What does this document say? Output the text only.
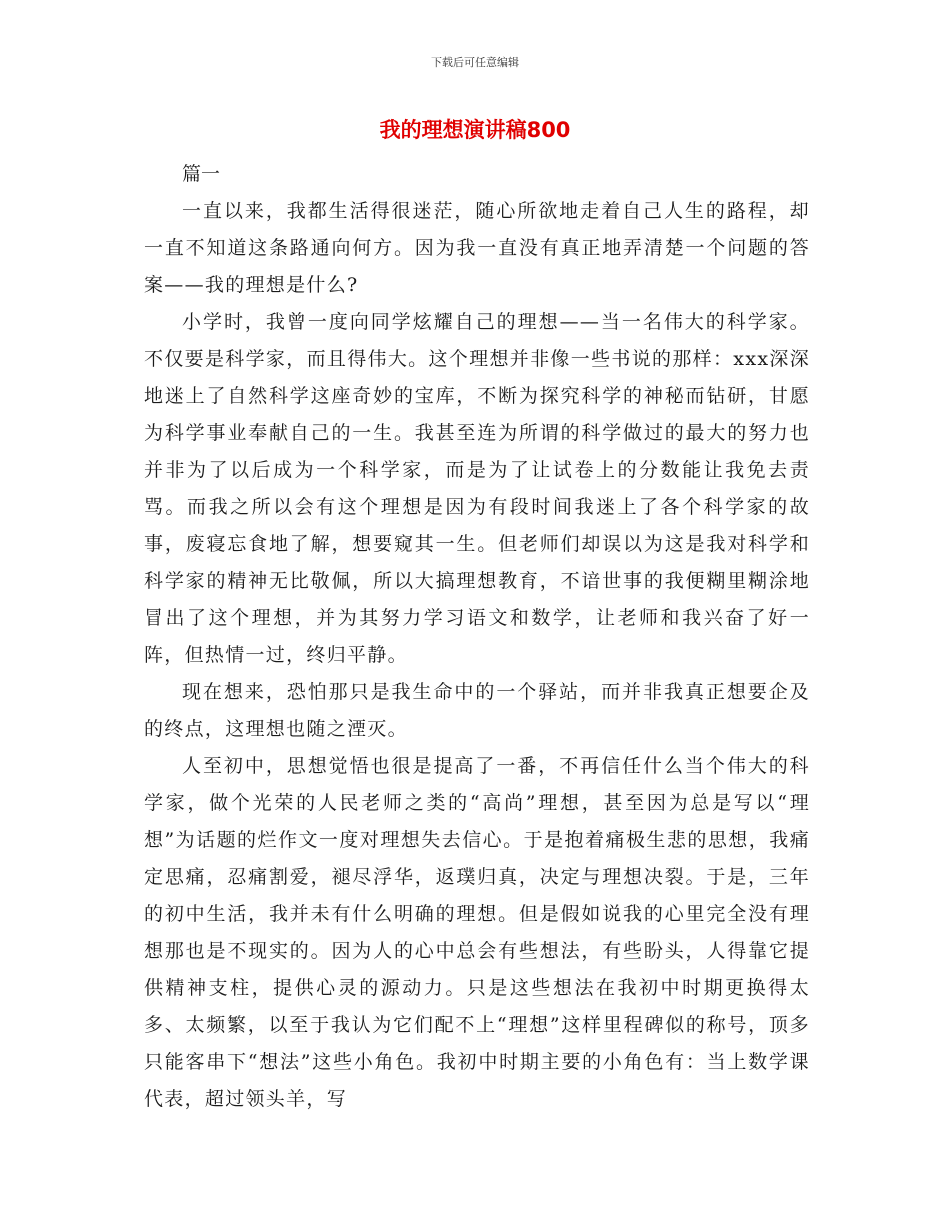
下载后可任意编辑
我的理想演讲稿800

篇一

一直以来，我都生活得很迷茫，随心所欲地走着自己人生的路程，却一直不知道这条路通向何方。因为我一直没有真正地弄清楚一个问题的答案——我的理想是什么?

小学时，我曾一度向同学炫耀自己的理想——当一名伟大的科学家。不仅要是科学家，而且得伟大。这个理想并非像一些书说的那样：xxx深深地迷上了自然科学这座奇妙的宝库，不断为探究科学的神秘而钻研，甘愿为科学事业奉献自己的一生。我甚至连为所谓的科学做过的最大的努力也并非为了以后成为一个科学家，而是为了让试卷上的分数能让我免去责骂。而我之所以会有这个理想是因为有段时间我迷上了各个科学家的故事，废寝忘食地了解，想要窥其一生。但老师们却误以为这是我对科学和科学家的精神无比敬佩，所以大搞理想教育，不谙世事的我便糊里糊涂地冒出了这个理想，并为其努力学习语文和数学，让老师和我兴奋了好一阵，但热情一过，终归平静。

现在想来，恐怕那只是我生命中的一个驿站，而并非我真正想要企及的终点，这理想也随之湮灭。

人至初中，思想觉悟也很是提高了一番，不再信任什么当个伟大的科学家，做个光荣的人民老师之类的“高尚”理想，甚至因为总是写以“理想”为话题的烂作文一度对理想失去信心。于是抱着痛极生悲的思想，我痛定思痛，忍痛割爱，褪尽浮华，返璞归真，决定与理想决裂。于是，三年的初中生活，我并未有什么明确的理想。但是假如说我的心里完全没有理想那也是不现实的。因为人的心中总会有些想法，有些盼头，人得靠它提供精神支柱，提供心灵的源动力。只是这些想法在我初中时期更换得太多、太频繁，以至于我认为它们配不上“理想”这样里程碑似的称号，顶多只能客串下“想法”这些小角色。我初中时期主要的小角色有：当上数学课代表，超过领头羊，写
